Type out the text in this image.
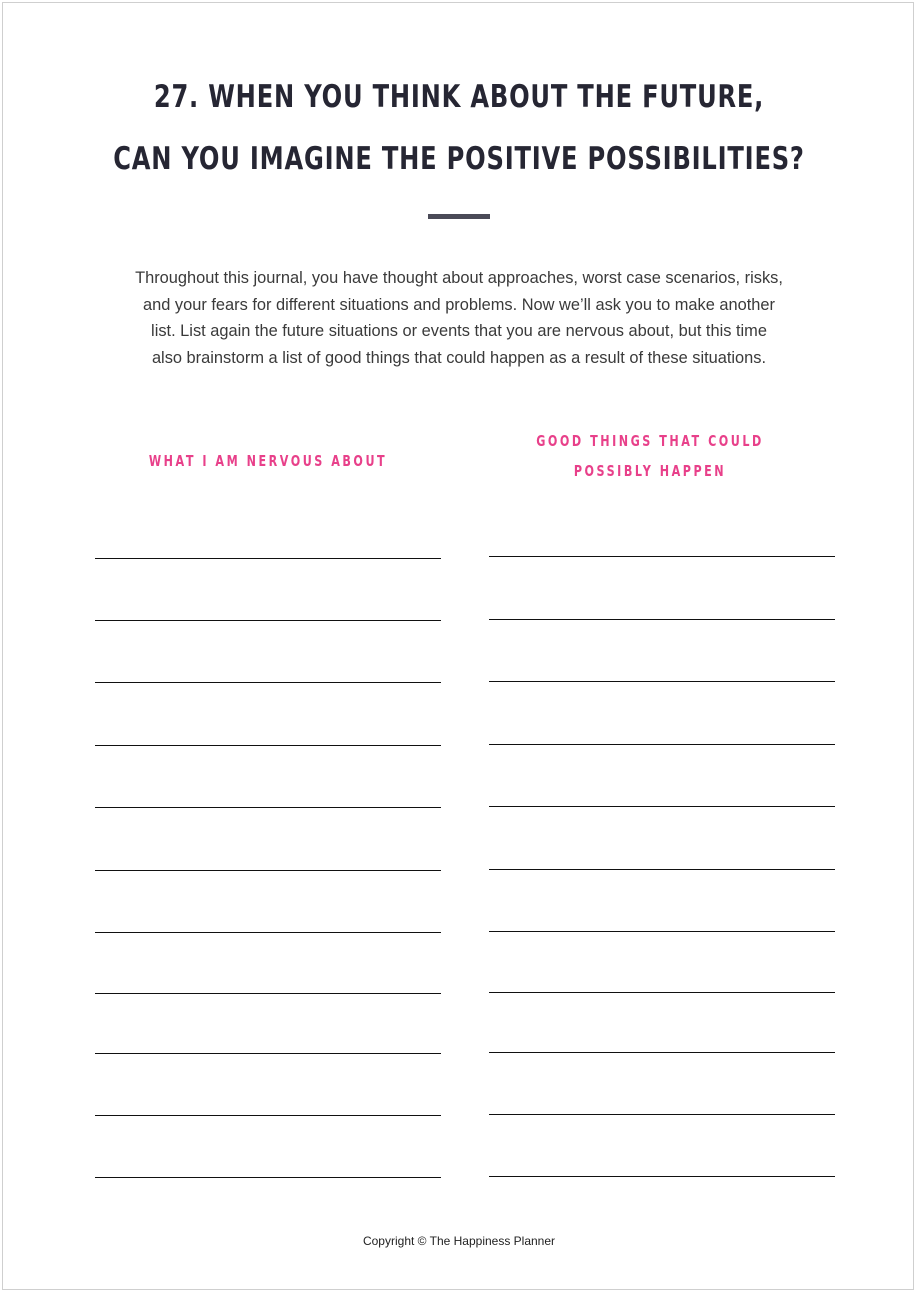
27. WHEN YOU THINK ABOUT THE FUTURE,
CAN YOU IMAGINE THE POSITIVE POSSIBILITIES?
Throughout this journal, you have thought about approaches, worst case scenarios, risks,
and your fears for different situations and problems. Now we’ll ask you to make another
list. List again the future situations or events that you are nervous about, but this time
also brainstorm a list of good things that could happen as a result of these situations.
WHAT I AM NERVOUS ABOUT
GOOD THINGS THAT COULD
POSSIBLY HAPPEN
Copyright © The Happiness Planner
